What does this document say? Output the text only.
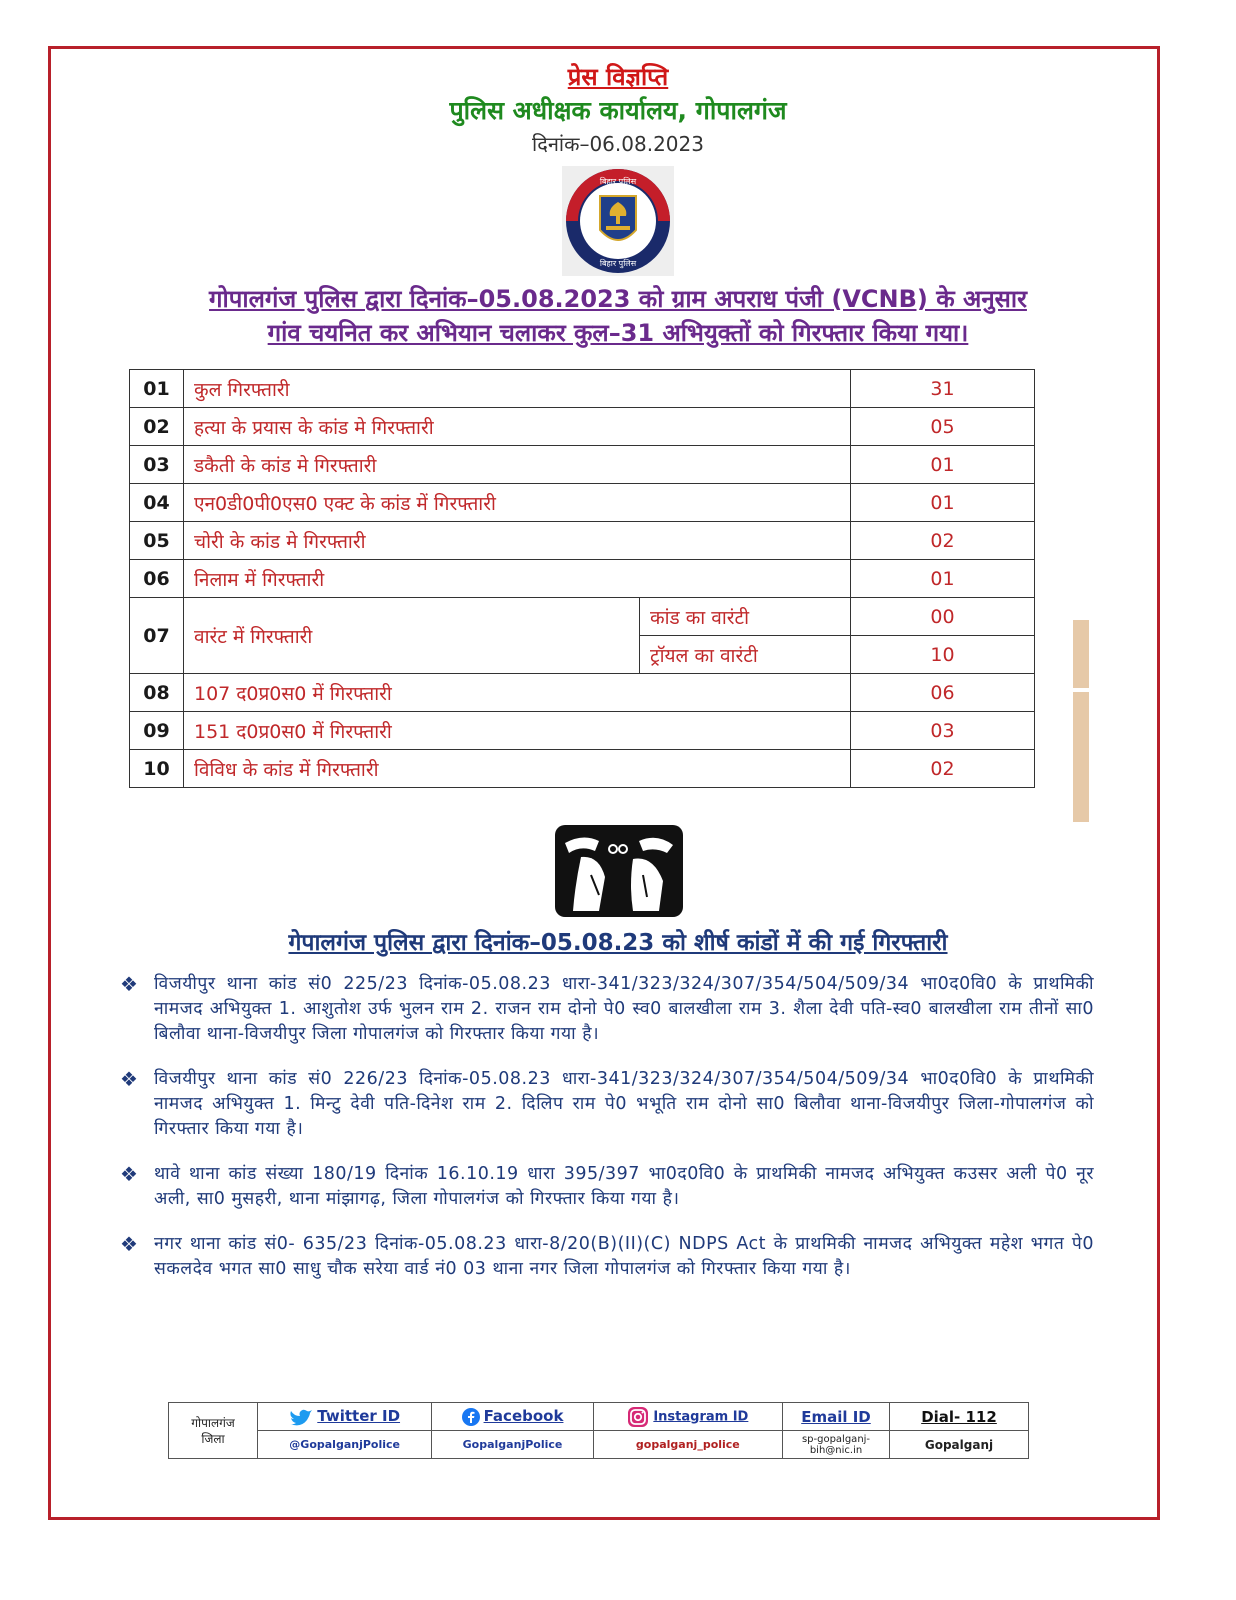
प्रेस विज्ञप्ति
पुलिस अधीक्षक कार्यालय, गोपालगंज
दिनांक–06.08.2023
बिहार पुलिस
बिहार पुलिस
गोपालगंज पुलिस द्वारा दिनांक–05.08.2023 को ग्राम अपराध पंजी (VCNB) के अनुसार
गांव चयनित कर अभियान चलाकर कुल–31 अभियुक्तों को गिरफ्तार किया गया।
01	कुल गिरफ्तारी		31
02	हत्या के प्रयास के कांड मे गिरफ्तारी		05
03	डकैती के कांड मे गिरफ्तारी		01
04	एन0डी0पी0एस0 एक्ट के कांड में गिरफ्तारी		01
05	चोरी के कांड मे गिरफ्तारी		02
06	निलाम में गिरफ्तारी		01
07	वारंट में गिरफ्तारी	कांड का वारंटी	00
		ट्रॉयल का वारंटी	10
08	107 द0प्र0स0 में गिरफ्तारी		06
09	151 द0प्र0स0 में गिरफ्तारी		03
10	विविध के कांड में गिरफ्तारी		02
गेपालगंज पुलिस द्वारा दिनांक–05.08.23 को शीर्ष कांडों में की गई गिरफ्तारी
❖ विजयीपुर थाना कांड सं0 225/23 दिनांक-05.08.23 धारा-341/323/324/307/354/504/509/34 भा0द0वि0 के प्राथमिकी नामजद अभियुक्त 1. आशुतोश उर्फ भुलन राम 2. राजन राम दोनो पे0 स्व0 बालखीला राम 3. शैला देवी पति-स्व0 बालखीला राम तीनों सा0 बिलौवा थाना-विजयीपुर जिला गोपालगंज को गिरफ्तार किया गया है।

❖ विजयीपुर थाना कांड सं0 226/23 दिनांक-05.08.23 धारा-341/323/324/307/354/504/509/34 भा0द0वि0 के प्राथमिकी नामजद अभियुक्त 1. मिन्टु देवी पति-दिनेश राम 2. दिलिप राम पे0 भभूति राम दोनो सा0 बिलौवा थाना-विजयीपुर जिला-गोपालगंज को गिरफ्तार किया गया है।

❖ थावे थाना कांड संख्या 180/19 दिनांक 16.10.19 धारा 395/397 भा0द0वि0 के प्राथमिकी नामजद अभियुक्त कउसर अली पे0 नूर अली, सा0 मुसहरी, थाना मांझागढ़, जिला गोपालगंज को गिरफ्तार किया गया है।

❖ नगर थाना कांड सं0- 635/23 दिनांक-05.08.23 धारा-8/20(B)(II)(C) NDPS Act के प्राथमिकी नामजद अभियुक्त महेश भगत पे0 सकलदेव भगत सा0 साधु चौक सरेया वार्ड नं0 03 थाना नगर जिला गोपालगंज को गिरफ्तार किया गया है।

गोपालगंज
जिला	Twitter ID	Facebook	Instagram ID	Email ID	Dial- 112
	@GopalganjPolice	GopalganjPolice	gopalganj_police	sp-gopalganj-bih@nic.in	Gopalganj
